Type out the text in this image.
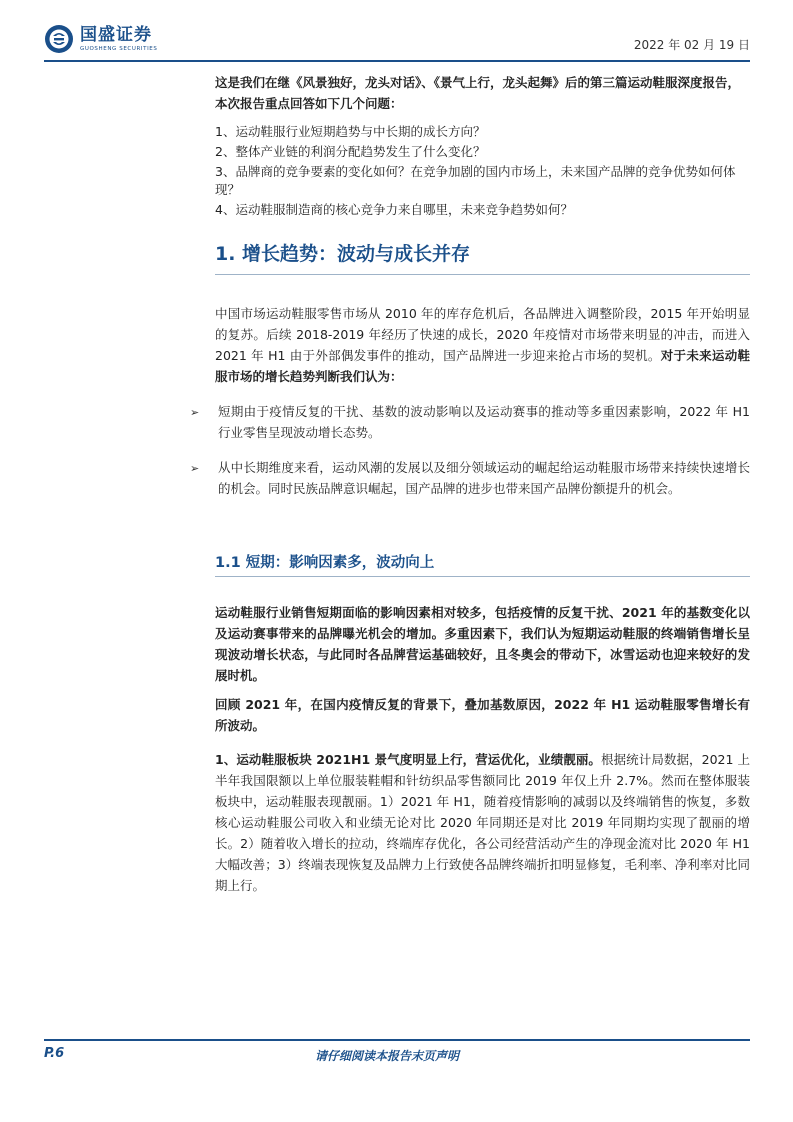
国盛证券
GUOSHENG SECURITIES	2022 年 02 月 19 日

这是我们在继《风景独好，龙头对话》、《景气上行，龙头起舞》后的第三篇运动鞋服深度报告，本次报告重点回答如下几个问题：

1、运动鞋服行业短期趋势与中长期的成长方向？
2、整体产业链的利润分配趋势发生了什么变化？
3、品牌商的竞争要素的变化如何？在竞争加剧的国内市场上，未来国产品牌的竞争优势如何体现？
4、运动鞋服制造商的核心竞争力来自哪里，未来竞争趋势如何？
1. 增长趋势：波动与成长并存

中国市场运动鞋服零售市场从 2010 年的库存危机后，各品牌进入调整阶段，2015 年开始明显的复苏。后续 2018-2019 年经历了快速的成长，2020 年疫情对市场带来明显的冲击，而进入 2021 年 H1 由于外部偶发事件的推动，国产品牌进一步迎来抢占市场的契机。对于未来运动鞋服市场的增长趋势判断我们认为：

➢	短期由于疫情反复的干扰、基数的波动影响以及运动赛事的推动等多重因素影响，2022 年 H1 行业零售呈现波动增长态势。
➢	从中长期维度来看，运动风潮的发展以及细分领域运动的崛起给运动鞋服市场带来持续快速增长的机会。同时民族品牌意识崛起，国产品牌的进步也带来国产品牌份额提升的机会。
1.1 短期：影响因素多，波动向上

运动鞋服行业销售短期面临的影响因素相对较多，包括疫情的反复干扰、2021 年的基数变化以及运动赛事带来的品牌曝光机会的增加。多重因素下，我们认为短期运动鞋服的终端销售增长呈现波动增长状态，与此同时各品牌营运基础较好，且冬奥会的带动下，冰雪运动也迎来较好的发展时机。

回顾 2021 年，在国内疫情反复的背景下，叠加基数原因，2022 年 H1 运动鞋服零售增长有所波动。

1、运动鞋服板块 2021H1 景气度明显上行，营运优化，业绩靓丽。根据统计局数据，2021 上半年我国限额以上单位服装鞋帽和针纺织品零售额同比 2019 年仅上升 2.7%。然而在整体服装板块中，运动鞋服表现靓丽。1）2021 年 H1，随着疫情影响的减弱以及终端销售的恢复，多数核心运动鞋服公司收入和业绩无论对比 2020 年同期还是对比 2019 年同期均实现了靓丽的增长。2）随着收入增长的拉动，终端库存优化，各公司经营活动产生的净现金流对比 2020 年 H1 大幅改善；3）终端表现恢复及品牌力上行致使各品牌终端折扣明显修复，毛利率、净利率对比同期上行。

P.6	请仔细阅读本报告末页声明
